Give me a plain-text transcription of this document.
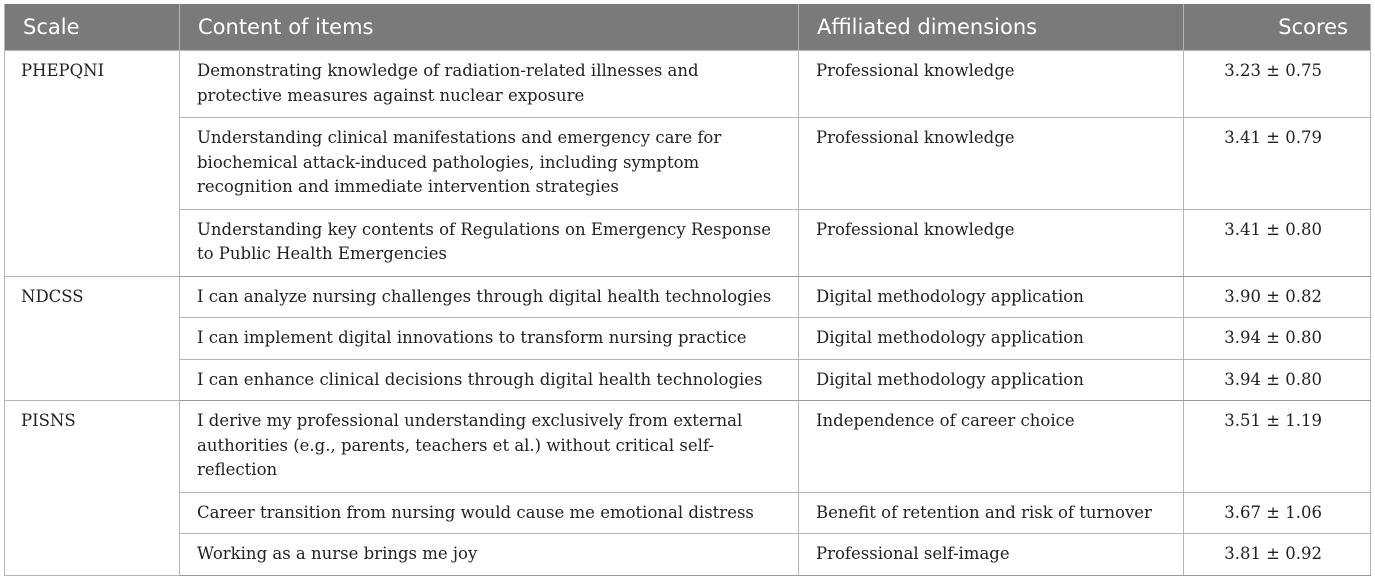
Scale	Content of items	Affiliated dimensions	Scores
PHEPQNI	Demonstrating knowledge of radiation-related illnesses and protective measures against nuclear exposure	Professional knowledge	3.23 ± 0.75
	Understanding clinical manifestations and emergency care for biochemical attack-induced pathologies, including symptom recognition and immediate intervention strategies	Professional knowledge	3.41 ± 0.79
	Understanding key contents of Regulations on Emergency Response to Public Health Emergencies	Professional knowledge	3.41 ± 0.80
NDCSS	I can analyze nursing challenges through digital health technologies	Digital methodology application	3.90 ± 0.82
	I can implement digital innovations to transform nursing practice	Digital methodology application	3.94 ± 0.80
	I can enhance clinical decisions through digital health technologies	Digital methodology application	3.94 ± 0.80
PISNS	I derive my professional understanding exclusively from external authorities (e.g., parents, teachers et al.) without critical self-reflection	Independence of career choice	3.51 ± 1.19
	Career transition from nursing would cause me emotional distress	Benefit of retention and risk of turnover	3.67 ± 1.06
	Working as a nurse brings me joy	Professional self-image	3.81 ± 0.92
